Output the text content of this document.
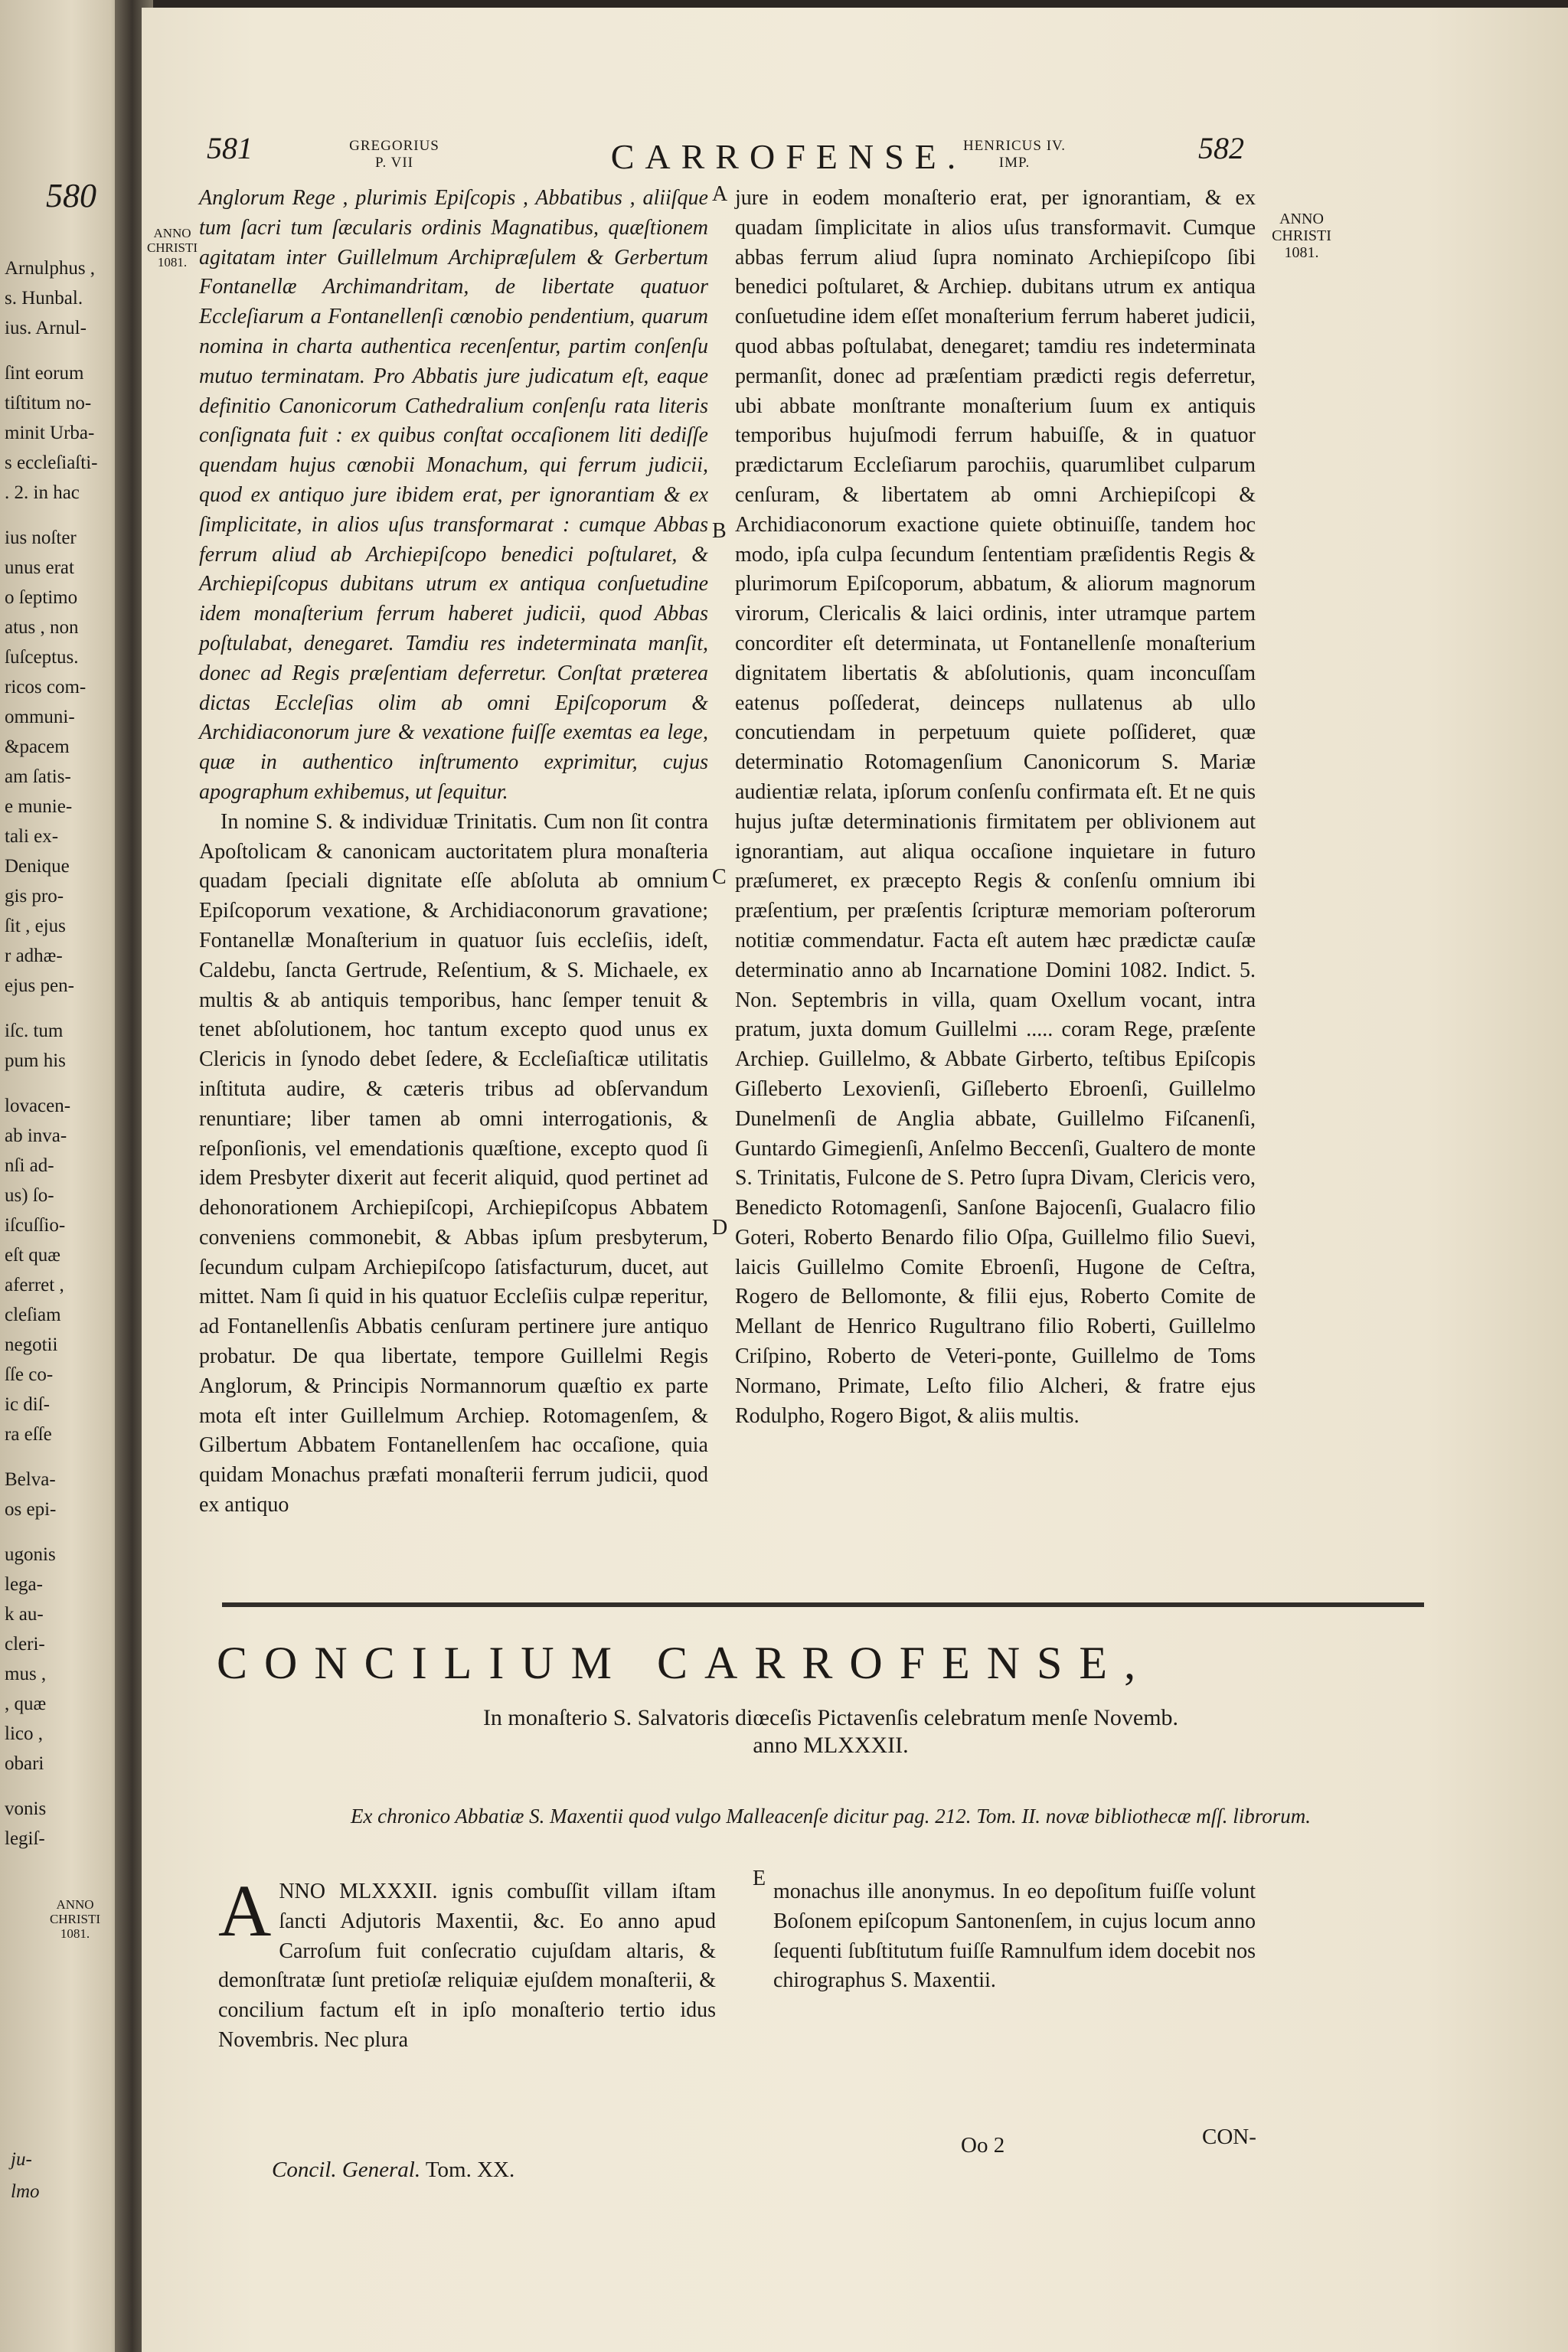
580
Arnulphus ,
s. Hunbal.
ius. Arnul-
ſint eorum
tiſtitum no-
minit Urba-
s eccleſiaſti-
. 2. in hac
ius noſter
unus erat
o ſeptimo
atus , non
ſuſceptus.
ricos com-
ommuni-
&pacem
am ſatis-
e munie-
tali ex-
Denique
gis pro-
ſit , ejus
r adhæ-
ejus pen-
iſc. tum
pum his
lovacen-
ab inva-
nſi ad-
us) ſo-
iſcuſſio-
eſt quæ
aferret ,
cleſiam
negotii
ſſe co-
ic diſ-
ra eſſe
Belva-
os epi-
ugonis
lega-
k au-
cleri-
mus ,
, quæ
lico ,
obari
vonis
legiſ-
ANNO CHRISTI 1081.
ju-
lmo
581	582
GREGORIUS
P. VII	CARROFENSE.
HENRICUS IV.
IMP.
ANNO
CHRISTI
1081.
ANNO
CHRISTI
1081.
A
B
C
D
E

Anglorum Rege , plurimis Epiſcopis , Abbatibus , aliiſque tum ſacri tum ſæcularis ordinis Magnatibus, quæſtionem agitatam inter Guillelmum Archipræſulem & Gerbertum Fontanellæ Archimandritam, de libertate quatuor Eccleſiarum a Fontanellenſi cœnobio pendentium, quarum nomina in charta authentica recenſentur, partim conſenſu mutuo terminatam. Pro Abbatis jure judicatum eſt, eaque definitio Canonicorum Cathedralium conſenſu rata literis conſignata fuit : ex quibus conſtat occaſionem liti dediſſe quendam hujus cœnobii Monachum, qui ferrum judicii, quod ex antiquo jure ibidem erat, per ignorantiam & ex ſimplicitate, in alios uſus transformarat : cumque Abbas ferrum aliud ab Archiepiſcopo benedici poſtularet, & Archiepiſcopus dubitans utrum ex antiqua conſuetudine idem monaſterium ferrum haberet judicii, quod Abbas poſtulabat, denegaret. Tamdiu res indeterminata manſit, donec ad Regis præſentiam deferretur. Conſtat præterea dictas Eccleſias olim ab omni Epiſcoporum & Archidiaconorum jure & vexatione fuiſſe exemtas ea lege, quæ in authentico inſtrumento exprimitur, cujus apographum exhibemus, ut ſequitur.

In nomine S. & individuæ Trinitatis. Cum non ſit contra Apoſtolicam & canonicam auctoritatem plura monaſteria quadam ſpeciali dignitate eſſe abſoluta ab omnium Epiſcoporum vexatione, & Archidiaconorum gravatione; Fontanellæ Monaſterium in quatuor ſuis eccleſiis, ideſt, Caldebu, ſancta Gertrude, Reſentium, & S. Michaele, ex multis & ab antiquis temporibus, hanc ſemper tenuit & tenet abſolutionem, hoc tantum excepto quod unus ex Clericis in ſynodo debet ſedere, & Eccleſiaſticæ utilitatis inſtituta audire, & cæteris tribus ad obſervandum renuntiare; liber tamen ab omni interrogationis, & reſponſionis, vel emendationis quæſtione, excepto quod ſi idem Presbyter dixerit aut fecerit aliquid, quod pertinet ad dehonorationem Archiepiſcopi, Archiepiſcopus Abbatem conveniens commonebit, & Abbas ipſum presbyterum, ſecundum culpam Archiepiſcopo ſatisfacturum, ducet, aut mittet. Nam ſi quid in his quatuor Eccleſiis culpæ reperitur, ad Fontanellenſis Abbatis cenſuram pertinere jure antiquo probatur. De qua libertate, tempore Guillelmi Regis Anglorum, & Principis Normannorum quæſtio ex parte mota eſt inter Guillelmum Archiep. Rotomagenſem, & Gilbertum Abbatem Fontanellenſem hac occaſione, quia quidam Monachus præfati monaſterii ferrum judicii, quod ex antiquo

jure in eodem monaſterio erat, per ignorantiam, & ex quadam ſimplicitate in alios uſus transformavit. Cumque abbas ferrum aliud ſupra nominato Archiepiſcopo ſibi benedici poſtularet, & Archiep. dubitans utrum ex antiqua conſuetudine idem eſſet monaſterium ferrum haberet judicii, quod abbas poſtulabat, denegaret; tamdiu res indeterminata permanſit, donec ad præſentiam prædicti regis deferretur, ubi abbate monſtrante monaſterium ſuum ex antiquis temporibus hujuſmodi ferrum habuiſſe, & in quatuor prædictarum Eccleſiarum parochiis, quarumlibet culparum cenſuram, & libertatem ab omni Archiepiſcopi & Archidiaconorum exactione quiete obtinuiſſe, tandem hoc modo, ipſa culpa ſecundum ſententiam præſidentis Regis & plurimorum Epiſcoporum, abbatum, & aliorum magnorum virorum, Clericalis & laici ordinis, inter utramque partem concorditer eſt determinata, ut Fontanellenſe monaſterium dignitatem libertatis & abſolutionis, quam inconcuſſam eatenus poſſederat, deinceps nullatenus ab ullo concutiendam in perpetuum quiete poſſideret, quæ determinatio Rotomagenſium Canonicorum S. Mariæ audientiæ relata, ipſorum conſenſu confirmata eſt. Et ne quis hujus juſtæ determinationis firmitatem per oblivionem aut ignorantiam, aut aliqua occaſione inquietare in futuro præſumeret, ex præcepto Regis & conſenſu omnium ibi præſentium, per præſentis ſcripturæ memoriam poſterorum notitiæ commendatur. Facta eſt autem hæc prædictæ cauſæ determinatio anno ab Incarnatione Domini 1082. Indict. 5. Non. Septembris in villa, quam Oxellum vocant, intra pratum, juxta domum Guillelmi ..... coram Rege, præſente Archiep. Guillelmo, & Abbate Girberto, teſtibus Epiſcopis Giſleberto Lexovienſi, Giſleberto Ebroenſi, Guillelmo Dunelmenſi de Anglia abbate, Guillelmo Fiſcanenſi, Guntardo Gimegienſi, Anſelmo Beccenſi, Gualtero de monte S. Trinitatis, Fulcone de S. Petro ſupra Divam, Clericis vero, Benedicto Rotomagenſi, Sanſone Bajocenſi, Gualacro filio Goteri, Roberto Benardo filio Oſpa, Guillelmo filio Suevi, laicis Guillelmo Comite Ebroenſi, Hugone de Ceſtra, Rogero de Bellomonte, & filii ejus, Roberto Comite de Mellant de Henrico Rugultrano filio Roberti, Guillelmo Criſpino, Roberto de Veteri-ponte, Guillelmo de Toms Normano, Primate, Leſto filio Alcheri, & fratre ejus Rodulpho, Rogero Bigot, & aliis multis.

CONCILIUM CARROFENSE,
In monaſterio S. Salvatoris diœceſis Pictavenſis celebratum menſe Novemb.
anno MLXXXII.
Ex chronico Abbatiæ S. Maxentii quod vulgo Malleacenſe dicitur pag. 212. Tom. II. novæ bibliothecæ mſſ. librorum.
A NNO MLXXXII. ignis combuſſit villam iſtam ſancti Adjutoris Maxentii, &c. Eo anno apud Carroſum fuit conſecratio cujuſdam altaris, & demonſtratæ ſunt pretioſæ reliquiæ ejuſdem monaſterii, & concilium factum eſt in ipſo monaſterio tertio idus Novembris. Nec plura
monachus ille anonymus. In eo depoſitum fuiſſe volunt Boſonem epiſcopum Santonenſem, in cujus locum anno ſequenti ſubſtitutum fuiſſe Ramnulfum idem docebit nos chirographus S. Maxentii.
Concil. General. Tom. XX.
Oo 2	CON-
